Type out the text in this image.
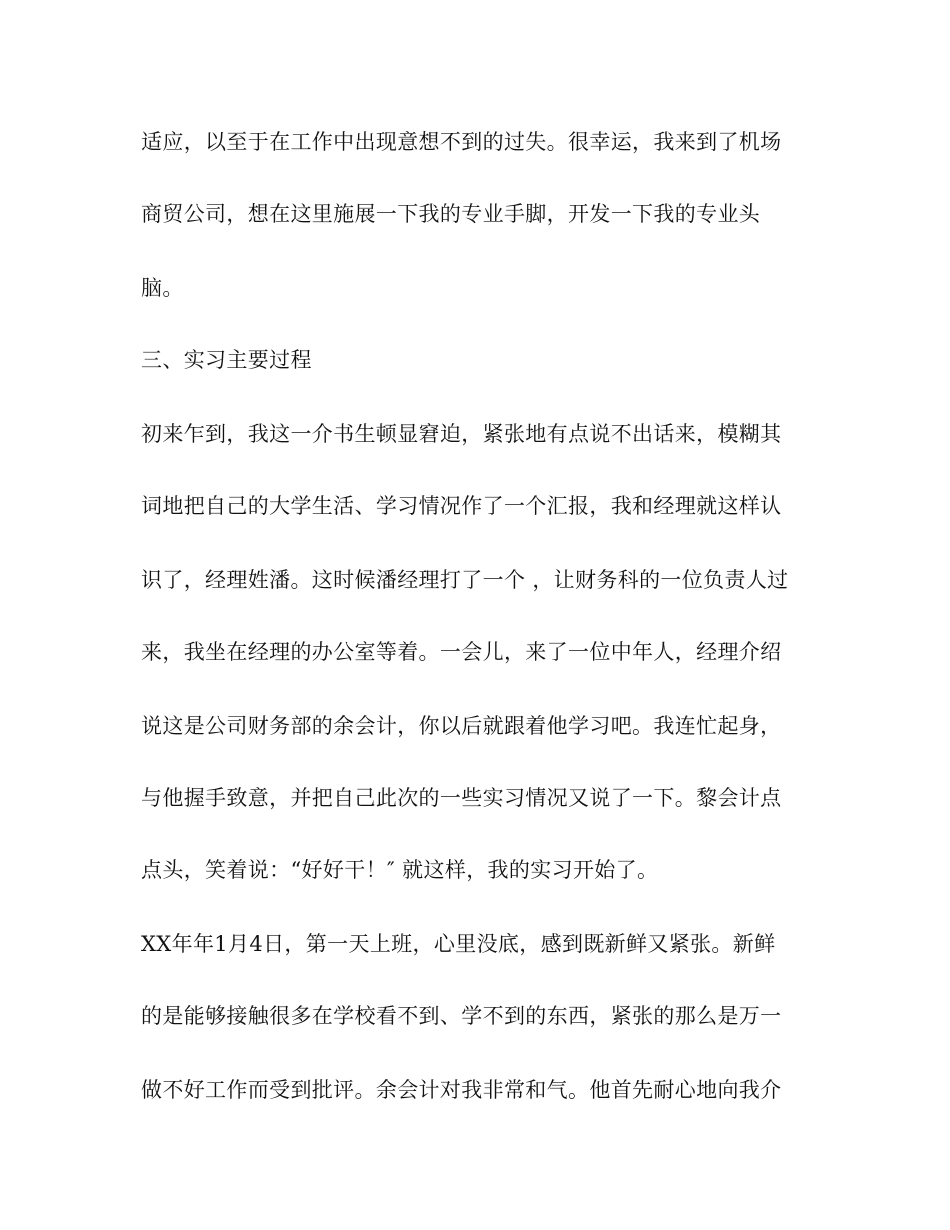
适应，以至于在工作中出现意想不到的过失。很幸运，我来到了机场

商贸公司，想在这里施展一下我的专业手脚，开发一下我的专业头

脑。

三、实习主要过程

初来乍到，我这一介书生顿显窘迫，紧张地有点说不出话来，模糊其

词地把自己的大学生活、学习情况作了一个汇报，我和经理就这样认

识了，经理姓潘。这时候潘经理打了一个 ，让财务科的一位负责人过

来，我坐在经理的办公室等着。一会儿，来了一位中年人，经理介绍

说这是公司财务部的余会计，你以后就跟着他学习吧。我连忙起身，

与他握手致意，并把自己此次的一些实习情况又说了一下。黎会计点

点头，笑着说：“好好干！″ 就这样，我的实习开始了。

XX年年1月4日，第一天上班，心里没底，感到既新鲜又紧张。新鲜

的是能够接触很多在学校看不到、学不到的东西，紧张的那么是万一

做不好工作而受到批评。余会计对我非常和气。他首先耐心地向我介
